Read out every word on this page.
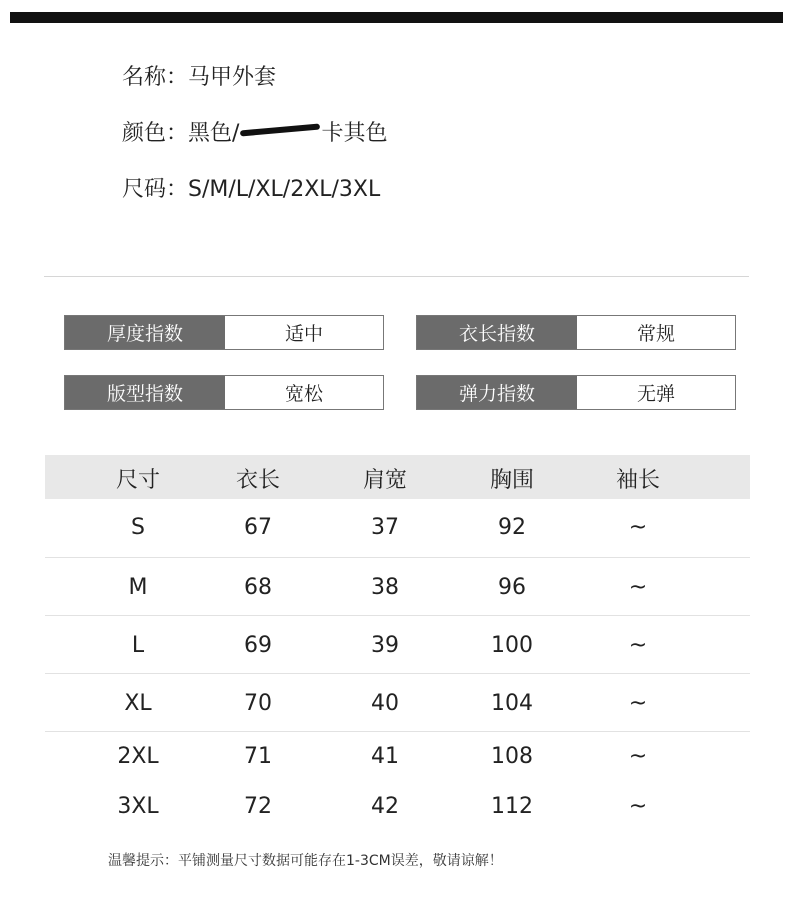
名称：马甲外套
颜色：黑色/	卡其色
尺码：S/M/L/XL/2XL/3XL
厚度指数	适中	衣长指数	常规
版型指数	宽松	弹力指数	无弹
尺寸	衣长	肩宽	胸围	袖长
S	67	37	92	~
M	68	38	96	~
L	69	39	100	~
XL	70	40	104	~
2XL	71	41	108	~
3XL	72	42	112	~
温馨提示：平铺测量尺寸数据可能存在1-3CM误差，敬请谅解！
